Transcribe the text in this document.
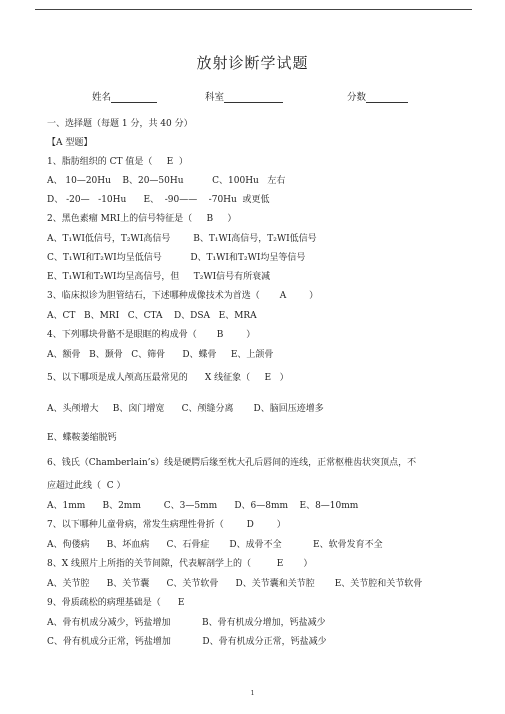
放射诊断学试题
姓名	科室	分数
一、选择题（每题 1 分，共 40 分）
【A 型题】
1、脂肪组织的 CT 值是（     E  ）
A、 10—20Hu    B、20—50Hu          C、100Hu   左右
D、 -20—   -10Hu      E、  -90——    -70Hu  或更低
2、黑色素瘤 MRI上的信号特征是（     B     ）
A、T₁WI低信号，T₂WI高信号        B、T₁WI高信号，T₂WI低信号
C、T₁WI和T₂WI均呈低信号          D、T₁WI和T₂WI均呈等信号
E、T₁WI和T₂WI均呈高信号，但     T₂WI信号有所衰减
3、临床拟诊为胆管结石，下述哪种成像技术为首选（       A        ）
A、CT   B、MRI   C、CTA    D、DSA   E、MRA
4、下列哪块骨骼不是眼眶的构成骨（       B        ）
A、额骨   B、颞骨   C、筛骨      D、蝶骨     E、上颌骨
5、以下哪项是成人颅高压最常见的      X 线征象（     E   ）
A、头颅增大     B、囟门增宽      C、颅缝分离       D、脑回压迹增多
E、蝶鞍萎缩脱钙
6、钱氏（Chamberlain’s）线是硬腭后缘至枕大孔后唇间的连线，正常枢椎齿状突顶点，不
应超过此线（  C ）
A、1mm      B、2mm        C、3—5mm      D、6—8mm    E、8—10mm
7、以下哪种儿童骨病，常发生病理性骨折（        D        ）
A、佝偻病      B、坏血病      C、石骨症       D、成骨不全           E、软骨发育不全
8、X 线照片上所指的关节间隙，代表解剖学上的（         E       ）
A、关节腔      B、关节囊      C、关节软骨      D、关节囊和关节腔       E、关节腔和关节软骨
9、骨质疏松的病理基础是（      E
A、骨有机成分减少，钙盐增加           B、骨有机成分增加，钙盐减少
C、骨有机成分正常，钙盐增加           D、骨有机成分正常，钙盐减少
1
